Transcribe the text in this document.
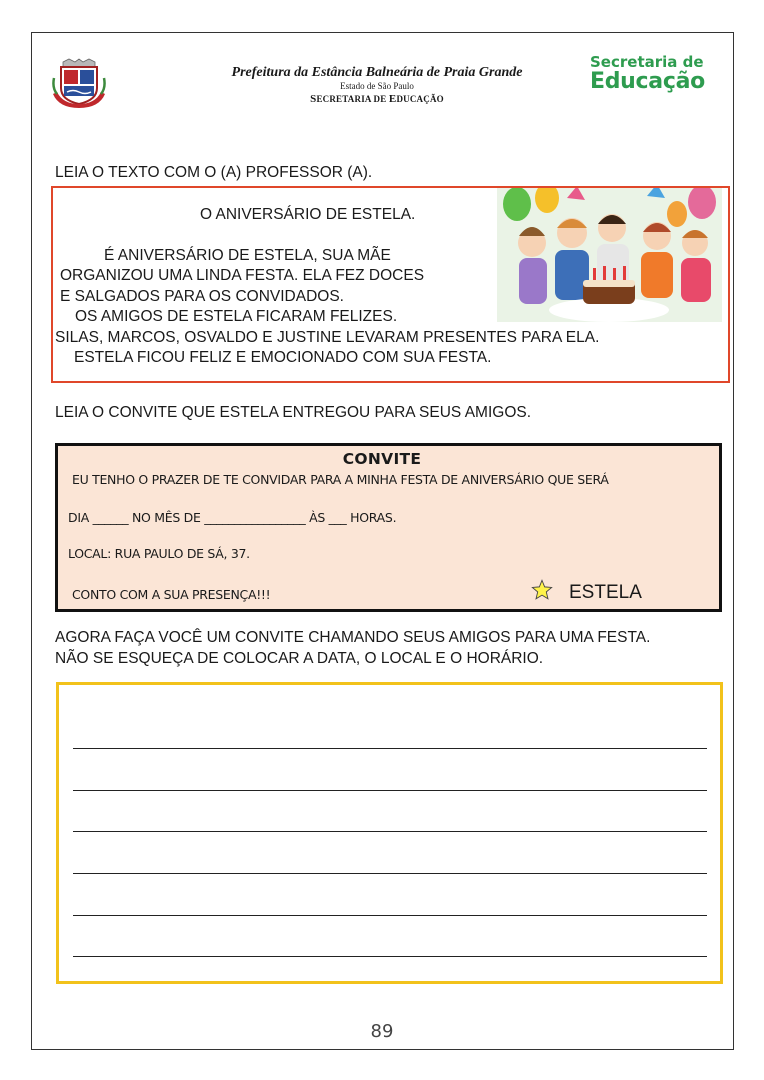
Prefeitura da Estância Balneária de Praia Grande
Estado de São Paulo
SECRETARIA DE EDUCAÇÃO
Secretaria de
Educação
LEIA O TEXTO COM O (A) PROFESSOR (A).
O ANIVERSÁRIO DE ESTELA.
É ANIVERSÁRIO DE ESTELA, SUA MÃE
ORGANIZOU UMA LINDA FESTA. ELA FEZ DOCES
E SALGADOS PARA OS CONVIDADOS.
OS AMIGOS DE ESTELA FICARAM FELIZES.
SILAS, MARCOS, OSVALDO E JUSTINE LEVARAM PRESENTES PARA ELA.
ESTELA FICOU FELIZ E EMOCIONADO COM SUA FESTA.
LEIA O CONVITE QUE ESTELA ENTREGOU PARA SEUS AMIGOS.
CONVITE
EU TENHO O PRAZER DE TE CONVIDAR PARA A MINHA FESTA DE ANIVERSÁRIO QUE SERÁ
DIA ______ NO MÊS DE _________________ ÀS ___ HORAS.
LOCAL: RUA PAULO DE SÁ, 37.
CONTO COM A SUA PRESENÇA!!!	ESTELA
AGORA FAÇA VOCÊ UM CONVITE CHAMANDO SEUS AMIGOS PARA UMA FESTA.
NÃO SE ESQUEÇA DE COLOCAR A DATA, O LOCAL E O HORÁRIO.
89
